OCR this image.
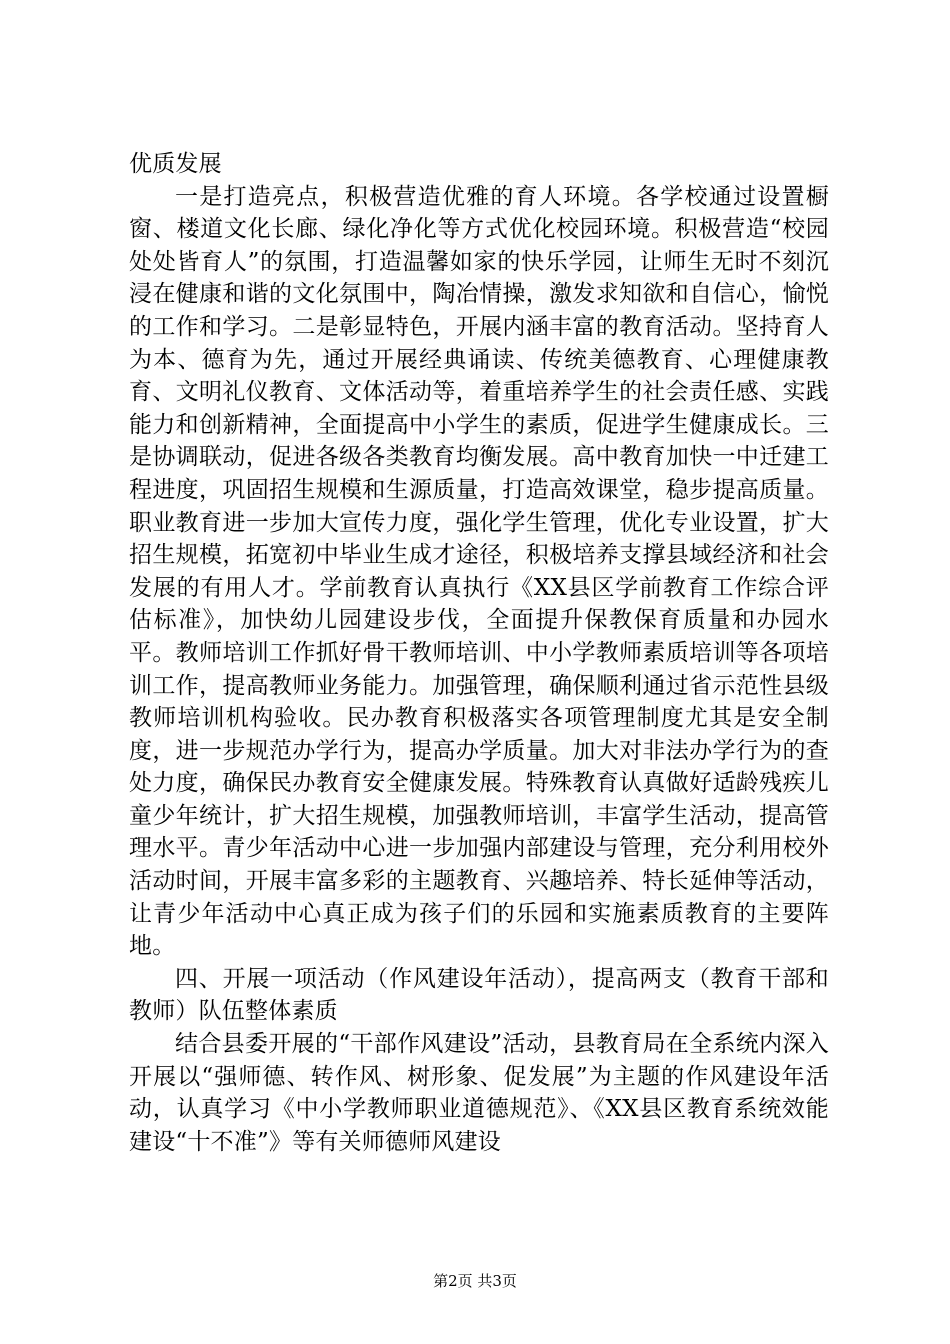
优质发展

一是打造亮点，积极营造优雅的育人环境。各学校通过设置橱窗、楼道文化长廊、绿化净化等方式优化校园环境。积极营造“校园处处皆育人”的氛围，打造温馨如家的快乐学园，让师生无时不刻沉浸在健康和谐的文化氛围中，陶冶情操，激发求知欲和自信心，愉悦的工作和学习。二是彰显特色，开展内涵丰富的教育活动。坚持育人为本、德育为先，通过开展经典诵读、传统美德教育、心理健康教育、文明礼仪教育、文体活动等，着重培养学生的社会责任感、实践能力和创新精神，全面提高中小学生的素质，促进学生健康成长。三是协调联动，促进各级各类教育均衡发展。高中教育加快一中迁建工程进度，巩固招生规模和生源质量，打造高效课堂，稳步提高质量。职业教育进一步加大宣传力度，强化学生管理，优化专业设置，扩大招生规模，拓宽初中毕业生成才途径，积极培养支撑县域经济和社会发展的有用人才。学前教育认真执行《XX县区学前教育工作综合评估标准》，加快幼儿园建设步伐，全面提升保教保育质量和办园水平。教师培训工作抓好骨干教师培训、中小学教师素质培训等各项培训工作，提高教师业务能力。加强管理，确保顺利通过省示范性县级教师培训机构验收。民办教育积极落实各项管理制度尤其是安全制度，进一步规范办学行为，提高办学质量。加大对非法办学行为的查处力度，确保民办教育安全健康发展。特殊教育认真做好适龄残疾儿童少年统计，扩大招生规模，加强教师培训，丰富学生活动，提高管理水平。青少年活动中心进一步加强内部建设与管理，充分利用校外活动时间，开展丰富多彩的主题教育、兴趣培养、特长延伸等活动，让青少年活动中心真正成为孩子们的乐园和实施素质教育的主要阵地。

四、开展一项活动（作风建设年活动），提高两支（教育干部和教师）队伍整体素质

结合县委开展的“干部作风建设”活动，县教育局在全系统内深入开展以“强师德、转作风、树形象、促发展”为主题的作风建设年活动，认真学习《中小学教师职业道德规范》、《XX县区教育系统效能建设“十不准”》等有关师德师风建设

第2页 共3页
